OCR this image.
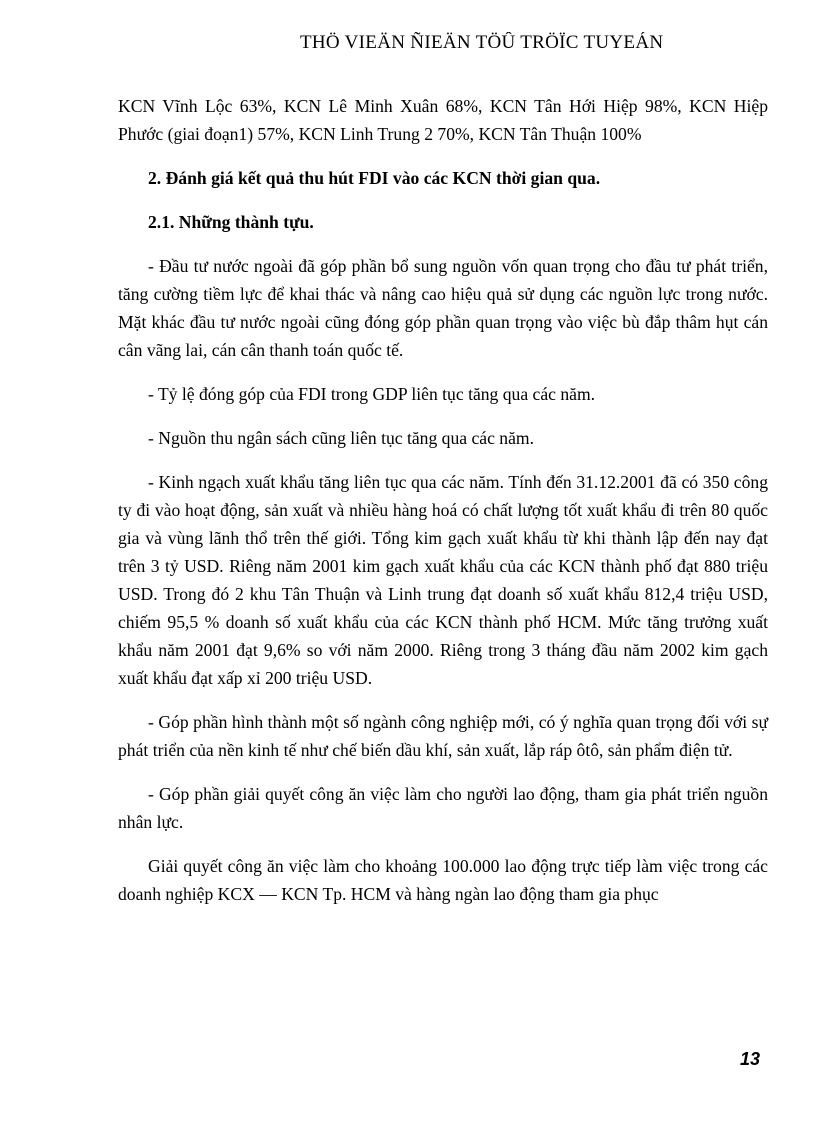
THÖ VIEÄN ÑIEÄN TÖÛ TRÖÏC TUYEÁN

KCN Vĩnh Lộc 63%, KCN Lê Minh Xuân 68%, KCN Tân Hới Hiệp 98%, KCN Hiệp Phước (giai đoạn1) 57%, KCN Linh Trung 2 70%, KCN Tân Thuận 100%

2. Đánh giá kết quả thu hút FDI vào các KCN thời gian qua.

2.1. Những thành tựu.

- Đầu tư nước ngoài đã góp phần bổ sung nguồn vốn quan trọng cho đầu tư phát triển, tăng cường tiềm lực để khai thác và nâng cao hiệu quả sử dụng các nguồn lực trong nước. Mặt khác đầu tư nước ngoài cũng đóng góp phần quan trọng vào việc bù đắp thâm hụt cán cân vãng lai, cán cân thanh toán quốc tế.

- Tỷ lệ đóng góp của FDI trong GDP liên tục tăng qua các năm.

- Nguồn thu ngân sách cũng liên tục tăng qua các năm.

- Kinh ngạch xuất khẩu tăng liên tục qua các năm. Tính đến 31.12.2001 đã có 350 công ty đi vào hoạt động, sản xuất và nhiều hàng hoá có chất lượng tốt xuất khẩu đi trên 80 quốc gia và vùng lãnh thổ trên thế giới. Tổng kim gạch xuất khẩu từ khi thành lập đến nay đạt trên 3 tỷ USD. Riêng năm 2001 kim gạch xuất khẩu của các KCN thành phố đạt 880 triệu USD. Trong đó 2 khu Tân Thuận và Linh trung đạt doanh số xuất khẩu 812,4 triệu USD, chiếm 95,5 % doanh số xuất khẩu của các KCN thành phố HCM. Mức tăng trưởng xuất khẩu năm 2001 đạt 9,6% so với năm 2000. Riêng trong 3 tháng đầu năm 2002 kim gạch xuất khẩu đạt xấp xỉ 200 triệu USD.

- Góp phần hình thành một số ngành công nghiệp mới, có ý nghĩa quan trọng đối với sự phát triển của nền kinh tế như chế biến dầu khí, sản xuất, lắp ráp ôtô, sản phẩm điện tử.

- Góp phần giải quyết công ăn việc làm cho người lao động, tham gia phát triển nguồn nhân lực.

Giải quyết công ăn việc làm cho khoảng 100.000 lao động trực tiếp làm việc trong các doanh nghiệp KCX — KCN Tp. HCM và hàng ngàn lao động tham gia phục

13
